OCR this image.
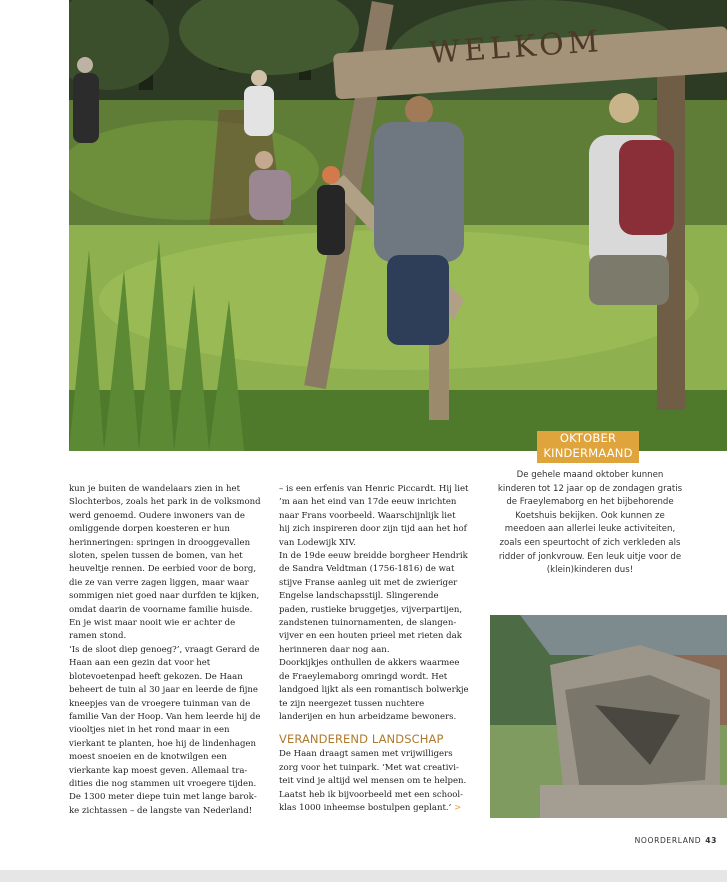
WELKOM
OKTOBER
KINDERMAAND
De gehele maand oktober kunnen kinderen tot 12 jaar op de zondagen gratis de Fraeylemaborg en het bijbehorende Koetshuis bekijken. Ook kunnen ze meedoen aan allerlei leuke activiteiten, zoals een speurtocht of zich verkleden als ridder of jonkvrouw. Een leuk uitje voor de (klein)kinderen dus!

kun je buiten de wandelaars zien in het Slochterbos, zoals het park in de volksmond werd genoemd. Oudere inwoners van de omliggende dorpen koesteren er hun herinneringen: springen in drooggevallen sloten, spelen tussen de bomen, van het heuveltje rennen. De eerbied voor de borg, die ze van verre zagen liggen, maar waar sommigen niet goed naar durfden te kijken, omdat daarin de voorname familie huisde. En je wist maar nooit wie er achter de ramen stond.

‘Is de sloot diep genoeg?’, vraagt Gerard de Haan aan een gezin dat voor het blotevoetenpad heeft gekozen. De Haan beheert de tuin al 30 jaar en leerde de fijne kneepjes van de vroegere tuinman van de familie Van der Hoop. Van hem leerde hij de viooltjes niet in het rond maar in een vierkant te planten, hoe hij de lindenhagen moest snoeien en de knotwilgen een vierkante kap moest geven. Allemaal tradities die nog stammen uit vroegere tijden. De 1300 meter diepe tuin met lange barokke zichtassen – de langste van Nederland!

– is een erfenis van Henric Piccardt. Hij liet ’m aan het eind van 17de eeuw inrichten naar Frans voorbeeld. Waarschijnlijk liet hij zich inspireren door zijn tijd aan het hof van Lodewijk XIV.

In de 19de eeuw breidde borgheer Hendrik de Sandra Veldtman (1756-1816) de wat stijve Franse aanleg uit met de zwieriger Engelse landschapsstijl. Slingerende paden, rustieke bruggetjes, vijverpartijen, zandstenen tuinornamenten, de slangenvijver en een houten prieel met rieten dak herinneren daar nog aan.

Doorkijkjes onthullen de akkers waarmee de Fraeylemaborg omringd wordt. Het landgoed lijkt als een romantisch bolwerkje te zijn neergezet tussen nuchtere landerijen en hun arbeidzame bewoners.

VERANDEREND LANDSCHAP

De Haan draagt samen met vrijwilligers zorg voor het tuinpark. ‘Met wat creativiteit vind je altijd wel mensen om te helpen. Laatst heb ik bijvoorbeeld met een schoolklas 1000 inheemse bostulpen geplant.’ >

NOORDERLAND 43
